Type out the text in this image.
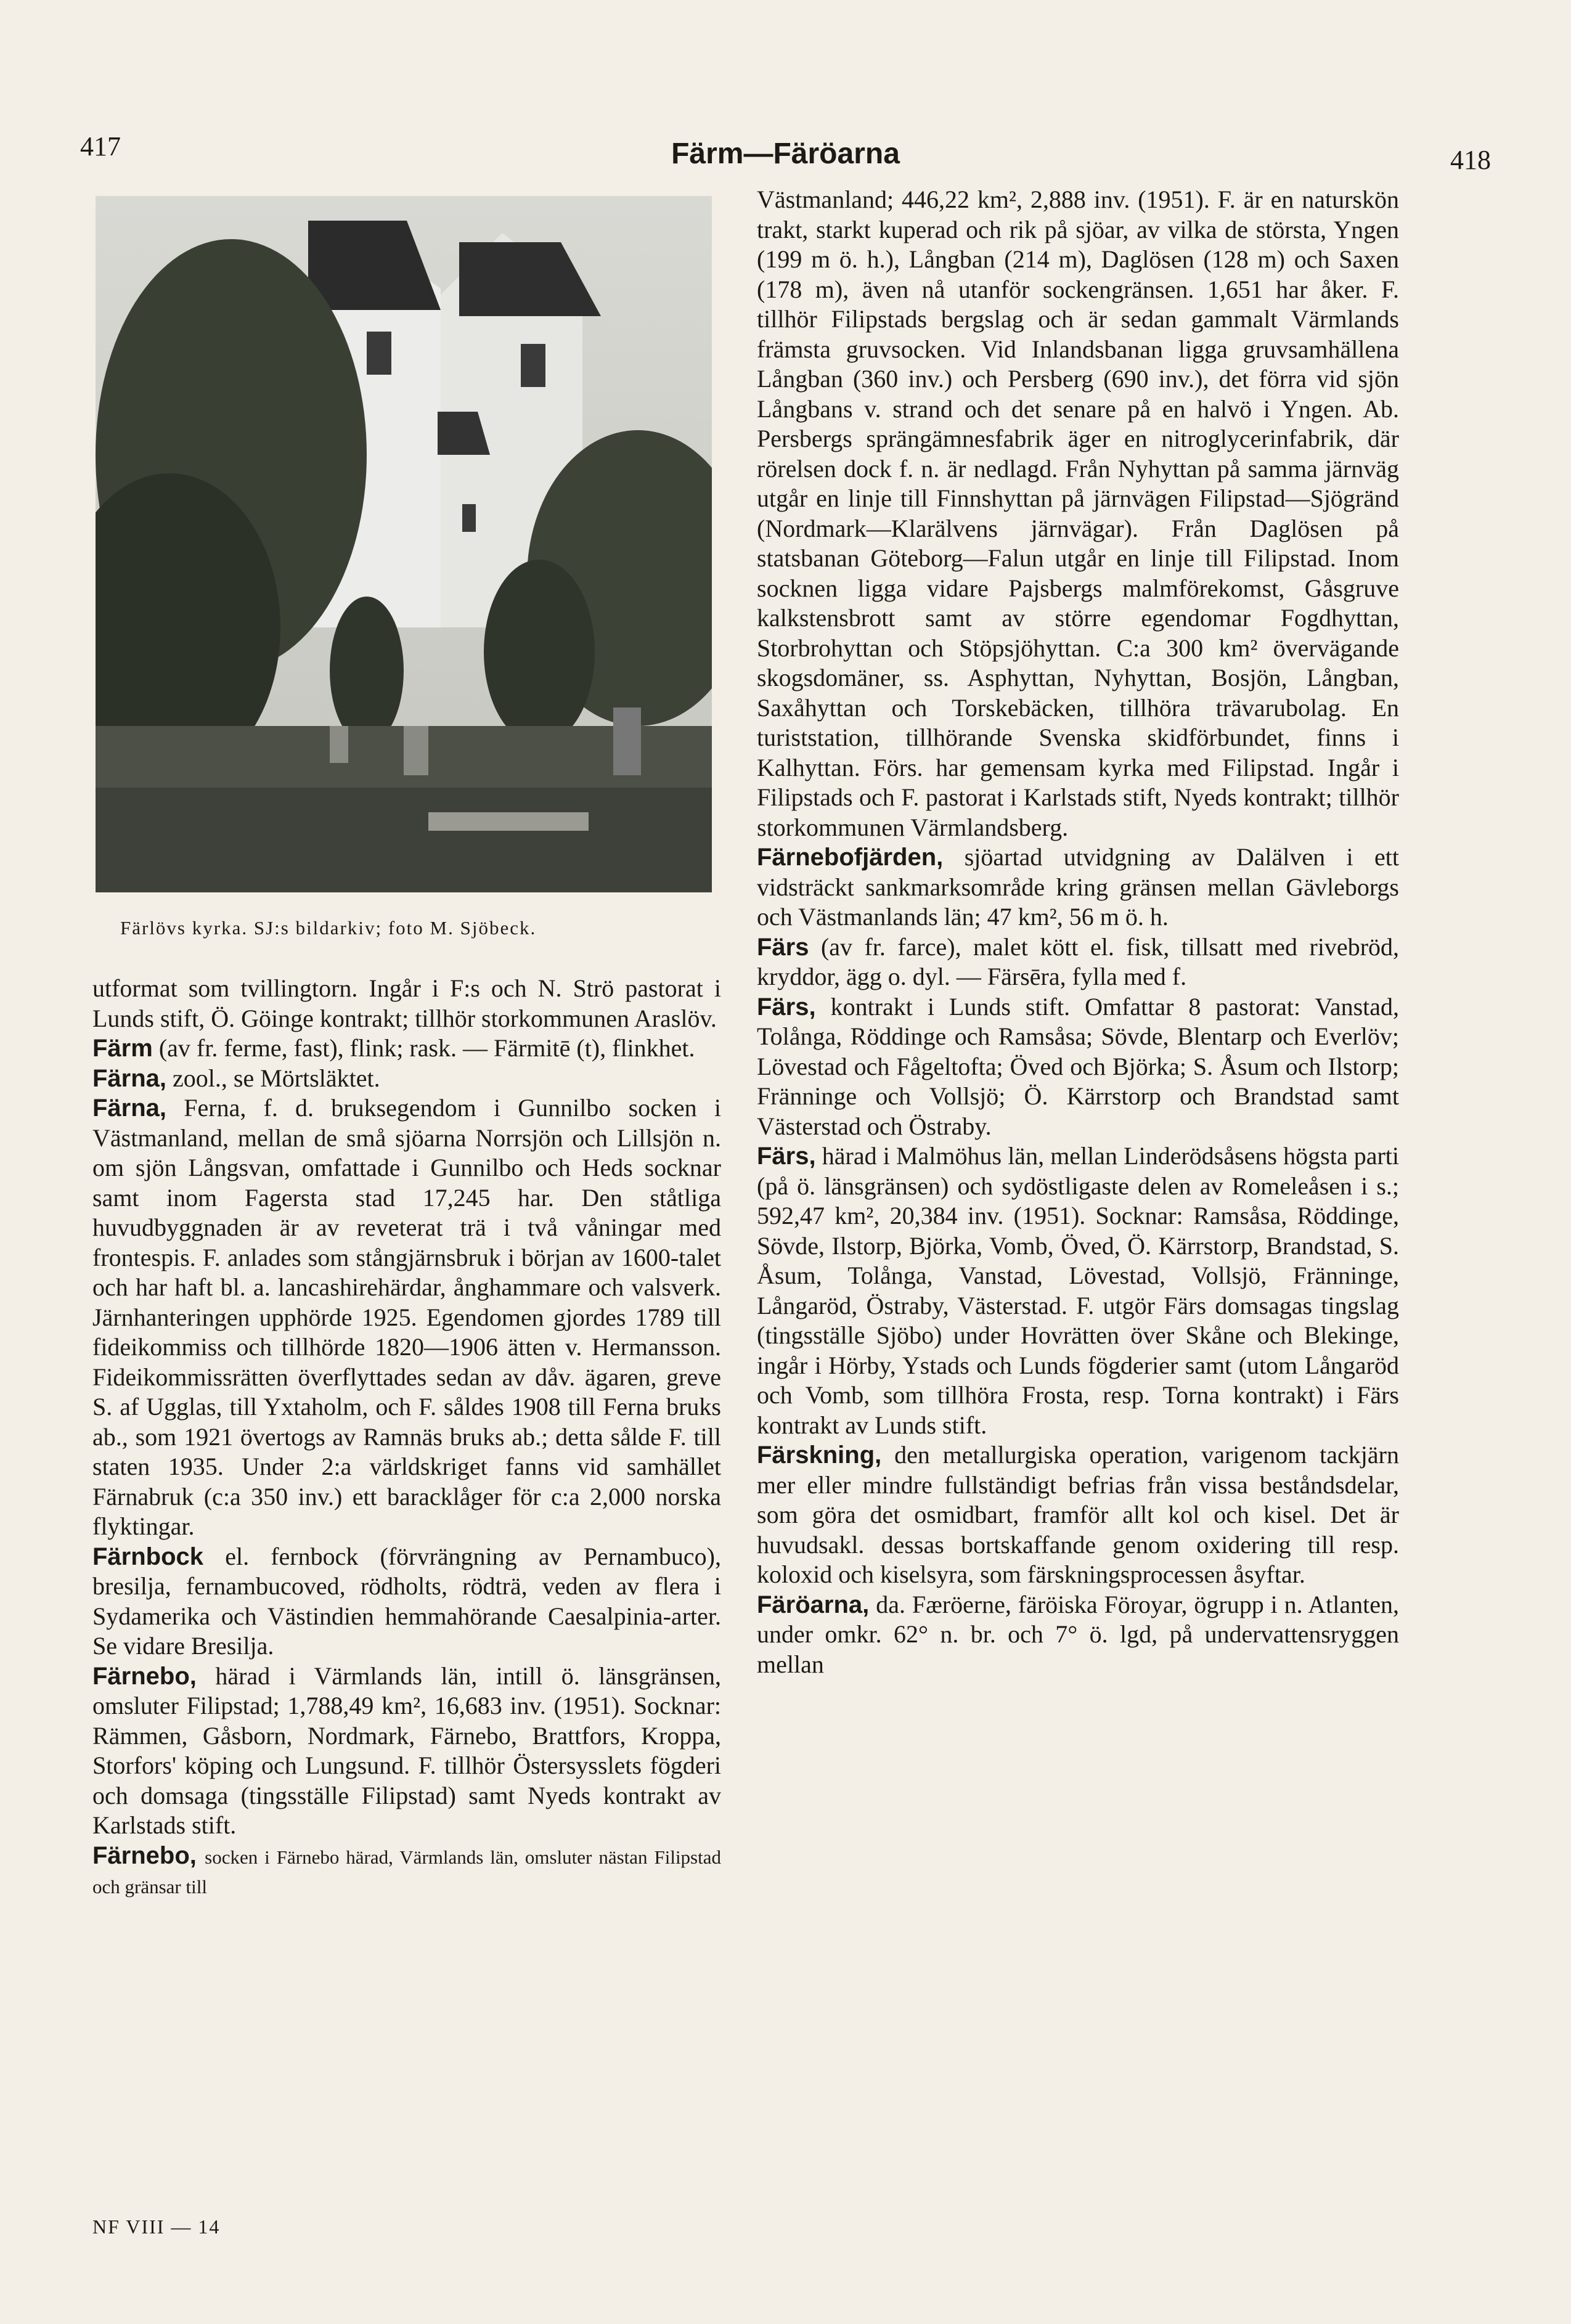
417	Färm—Färöarna	418
Färlövs kyrka. SJ:s bildarkiv; foto M. Sjöbeck.

utformat som tvillingtorn. Ingår i F:s och N. Strö pastorat i Lunds stift, Ö. Göinge kontrakt; tillhör storkommunen Araslöv.

Färm (av fr. ferme, fast), flink; rask. — Färmitē (t), flinkhet.

Färna, zool., se Mörtsläktet.

Färna, Ferna, f. d. bruksegendom i Gunnilbo socken i Västmanland, mellan de små sjöarna Norrsjön och Lillsjön n. om sjön Långsvan, omfattade i Gunnilbo och Heds socknar samt inom Fagersta stad 17,245 har. Den ståtliga huvudbyggnaden är av reveterat trä i två våningar med frontespis. F. anlades som stångjärnsbruk i början av 1600-talet och har haft bl. a. lancashirehärdar, ånghammare och valsverk. Järnhanteringen upphörde 1925. Egendomen gjordes 1789 till fideikommiss och tillhörde 1820—1906 ätten v. Hermansson. Fideikommissrätten överflyttades sedan av dåv. ägaren, greve S. af Ugglas, till Yxtaholm, och F. såldes 1908 till Ferna bruks ab., som 1921 övertogs av Ramnäs bruks ab.; detta sålde F. till staten 1935. Under 2:a världskriget fanns vid samhället Färnabruk (c:a 350 inv.) ett baracklåger för c:a 2,000 norska flyktingar.

Färnbock el. fernbock (förvrängning av Pernambuco), bresilja, fernambucoved, rödholts, rödträ, veden av flera i Sydamerika och Västindien hemmahörande Caesalpinia-arter. Se vidare Bresilja.

Färnebo, härad i Värmlands län, intill ö. länsgränsen, omsluter Filipstad; 1,788,49 km², 16,683 inv. (1951). Socknar: Rämmen, Gåsborn, Nordmark, Färnebo, Brattfors, Kroppa, Storfors' köping och Lungsund. F. tillhör Östersysslets fögderi och domsaga (tingsställe Filipstad) samt Nyeds kontrakt av Karlstads stift.

Färnebo, socken i Färnebo härad, Värmlands län, omsluter nästan Filipstad och gränsar till

Västmanland; 446,22 km², 2,888 inv. (1951). F. är en naturskön trakt, starkt kuperad och rik på sjöar, av vilka de största, Yngen (199 m ö. h.), Långban (214 m), Daglösen (128 m) och Saxen (178 m), även nå utanför sockengränsen. 1,651 har åker. F. tillhör Filipstads bergslag och är sedan gammalt Värmlands främsta gruvsocken. Vid Inlandsbanan ligga gruvsamhällena Långban (360 inv.) och Persberg (690 inv.), det förra vid sjön Långbans v. strand och det senare på en halvö i Yngen. Ab. Persbergs sprängämnesfabrik äger en nitroglycerinfabrik, där rörelsen dock f. n. är nedlagd. Från Nyhyttan på samma järnväg utgår en linje till Finnshyttan på järnvägen Filipstad—Sjögränd (Nordmark—Klarälvens järnvägar). Från Daglösen på statsbanan Göteborg—Falun utgår en linje till Filipstad. Inom socknen ligga vidare Pajsbergs malmförekomst, Gåsgruve kalkstensbrott samt av större egendomar Fogdhyttan, Storbrohyttan och Stöpsjöhyttan. C:a 300 km² övervägande skogsdomäner, ss. Asphyttan, Nyhyttan, Bosjön, Långban, Saxåhyttan och Torskebäcken, tillhöra trävarubolag. En turiststation, tillhörande Svenska skidförbundet, finns i Kalhyttan. Förs. har gemensam kyrka med Filipstad. Ingår i Filipstads och F. pastorat i Karlstads stift, Nyeds kontrakt; tillhör storkommunen Värmlandsberg.

Färnebofjärden, sjöartad utvidgning av Dalälven i ett vidsträckt sankmarksområde kring gränsen mellan Gävleborgs och Västmanlands län; 47 km², 56 m ö. h.

Färs (av fr. farce), malet kött el. fisk, tillsatt med rivebröd, kryddor, ägg o. dyl. — Färsēra, fylla med f.

Färs, kontrakt i Lunds stift. Omfattar 8 pastorat: Vanstad, Tolånga, Röddinge och Ramsåsa; Sövde, Blentarp och Everlöv; Lövestad och Fågeltofta; Öved och Björka; S. Åsum och Ilstorp; Fränninge och Vollsjö; Ö. Kärrstorp och Brandstad samt Västerstad och Östraby.

Färs, härad i Malmöhus län, mellan Linderödsåsens högsta parti (på ö. länsgränsen) och sydöstligaste delen av Romeleåsen i s.; 592,47 km², 20,384 inv. (1951). Socknar: Ramsåsa, Röddinge, Sövde, Ilstorp, Björka, Vomb, Öved, Ö. Kärrstorp, Brandstad, S. Åsum, Tolånga, Vanstad, Lövestad, Vollsjö, Fränninge, Långaröd, Östraby, Västerstad. F. utgör Färs domsagas tingslag (tingsställe Sjöbo) under Hovrätten över Skåne och Blekinge, ingår i Hörby, Ystads och Lunds fögderier samt (utom Långaröd och Vomb, som tillhöra Frosta, resp. Torna kontrakt) i Färs kontrakt av Lunds stift.

Färskning, den metallurgiska operation, varigenom tackjärn mer eller mindre fullständigt befrias från vissa beståndsdelar, som göra det osmidbart, framför allt kol och kisel. Det är huvudsakl. dessas bortskaffande genom oxidering till resp. koloxid och kiselsyra, som färskningsprocessen åsyftar.

Färöarna, da. Færöerne, färöiska Föroyar, ögrupp i n. Atlanten, under omkr. 62° n. br. och 7° ö. lgd, på undervattensryggen mellan

NF VIII — 14
